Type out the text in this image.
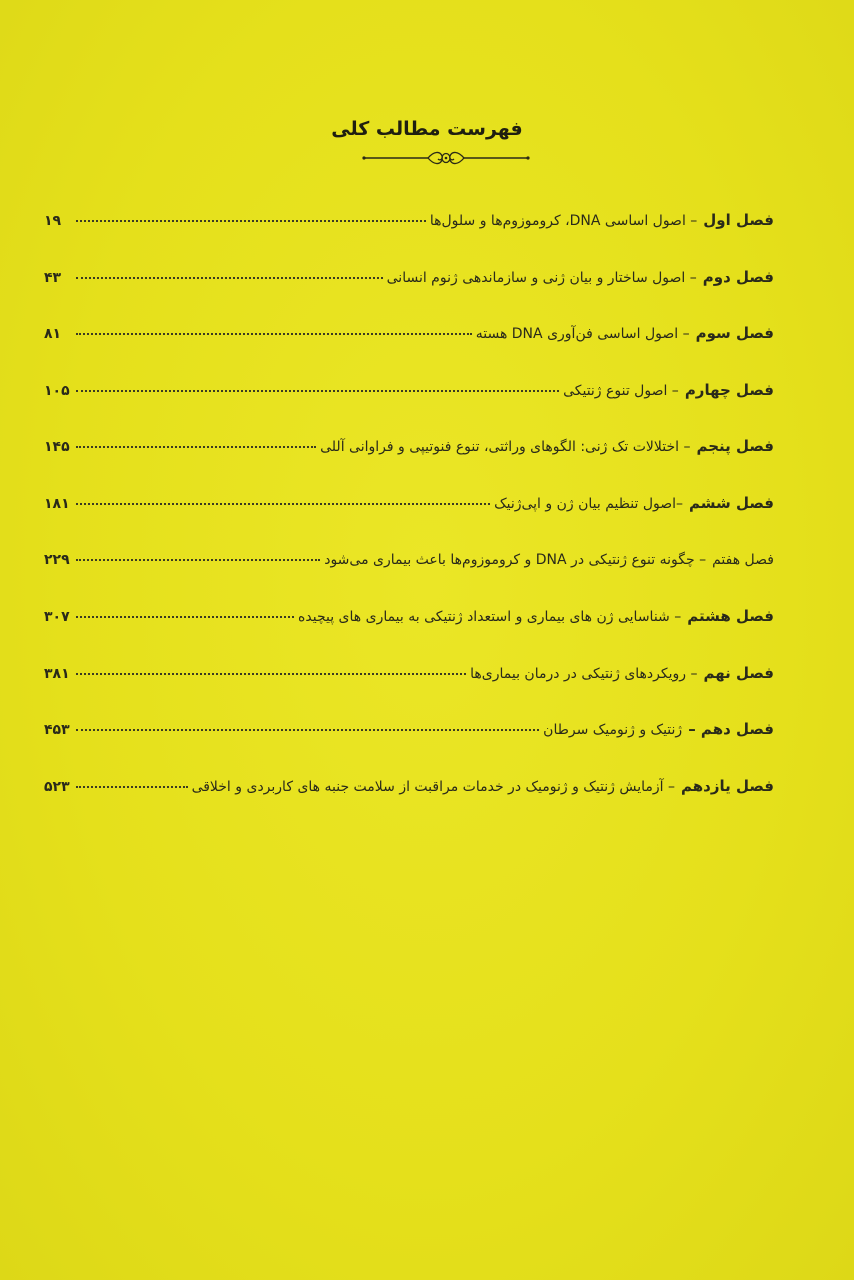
فهرست مطالب کلی
فصل اول
– اصول اساسی DNA، کروموزوم‌ها و سلول‌ها
۱۹
فصل دوم
– اصول ساختار و بیان ژنی و سازماندهی ژنوم انسانی
۴۳
فصل سوم
– اصول اساسی فن‌آوری DNA هسته
۸۱
فصل چهارم
– اصول تنوع ژنتیکی
۱۰۵
فصل پنجم
– اختلالات تک ژنی: الگوهای وراثتی، تنوع فنوتیپی و فراوانی آللی
۱۴۵
فصل ششم
–اصول تنظیم بیان ژن و اپی‌ژنیک
۱۸۱
فصل هفتم
– چگونه تنوع ژنتیکی در DNA و کروموزوم‌ها باعث بیماری می‌شود
۲۲۹
فصل هشتم
– شناسایی ژن های بیماری و استعداد ژنتیکی به بیماری های پیچیده
۳۰۷
فصل نهم
– رویکردهای ژنتیکی در درمان بیماری‌ها
۳۸۱
فصل دهم –
ژنتیک و ژنومیک سرطان
۴۵۳
فصل یازدهم
– آزمایش ژنتیک و ژنومیک در خدمات مراقبت از سلامت جنبه های کاربردی و اخلاقی
۵۲۳
